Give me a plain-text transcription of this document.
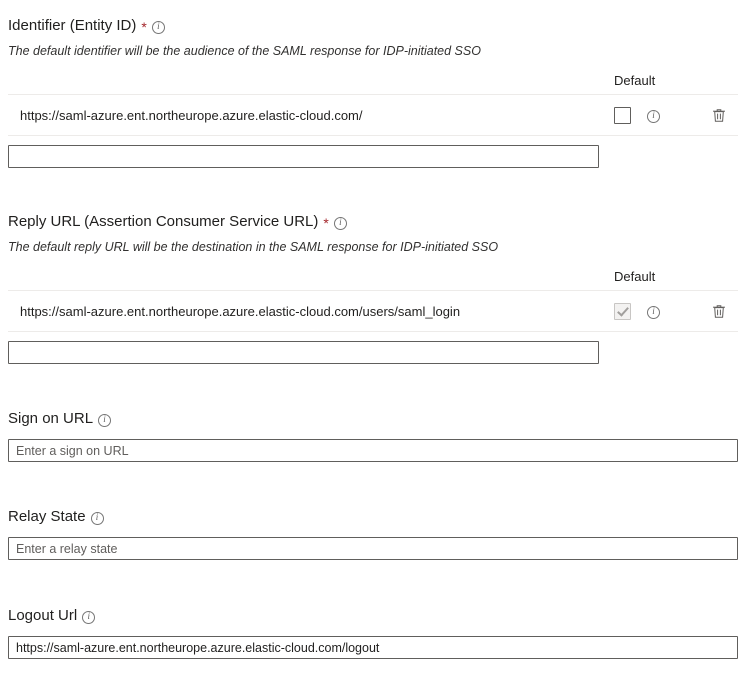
Identifier (Entity ID) * i
The default identifier will be the audience of the SAML response for IDP-initiated SSO
Default
https://saml-azure.ent.northeurope.azure.elastic-cloud.com/	i
Reply URL (Assertion Consumer Service URL) * i
The default reply URL will be the destination in the SAML response for IDP-initiated SSO
Default
https://saml-azure.ent.northeurope.azure.elastic-cloud.com/users/saml_login	i
Sign on URL i
Enter a sign on URL
Relay State i
Enter a relay state
Logout Url i
https://saml-azure.ent.northeurope.azure.elastic-cloud.com/logout
